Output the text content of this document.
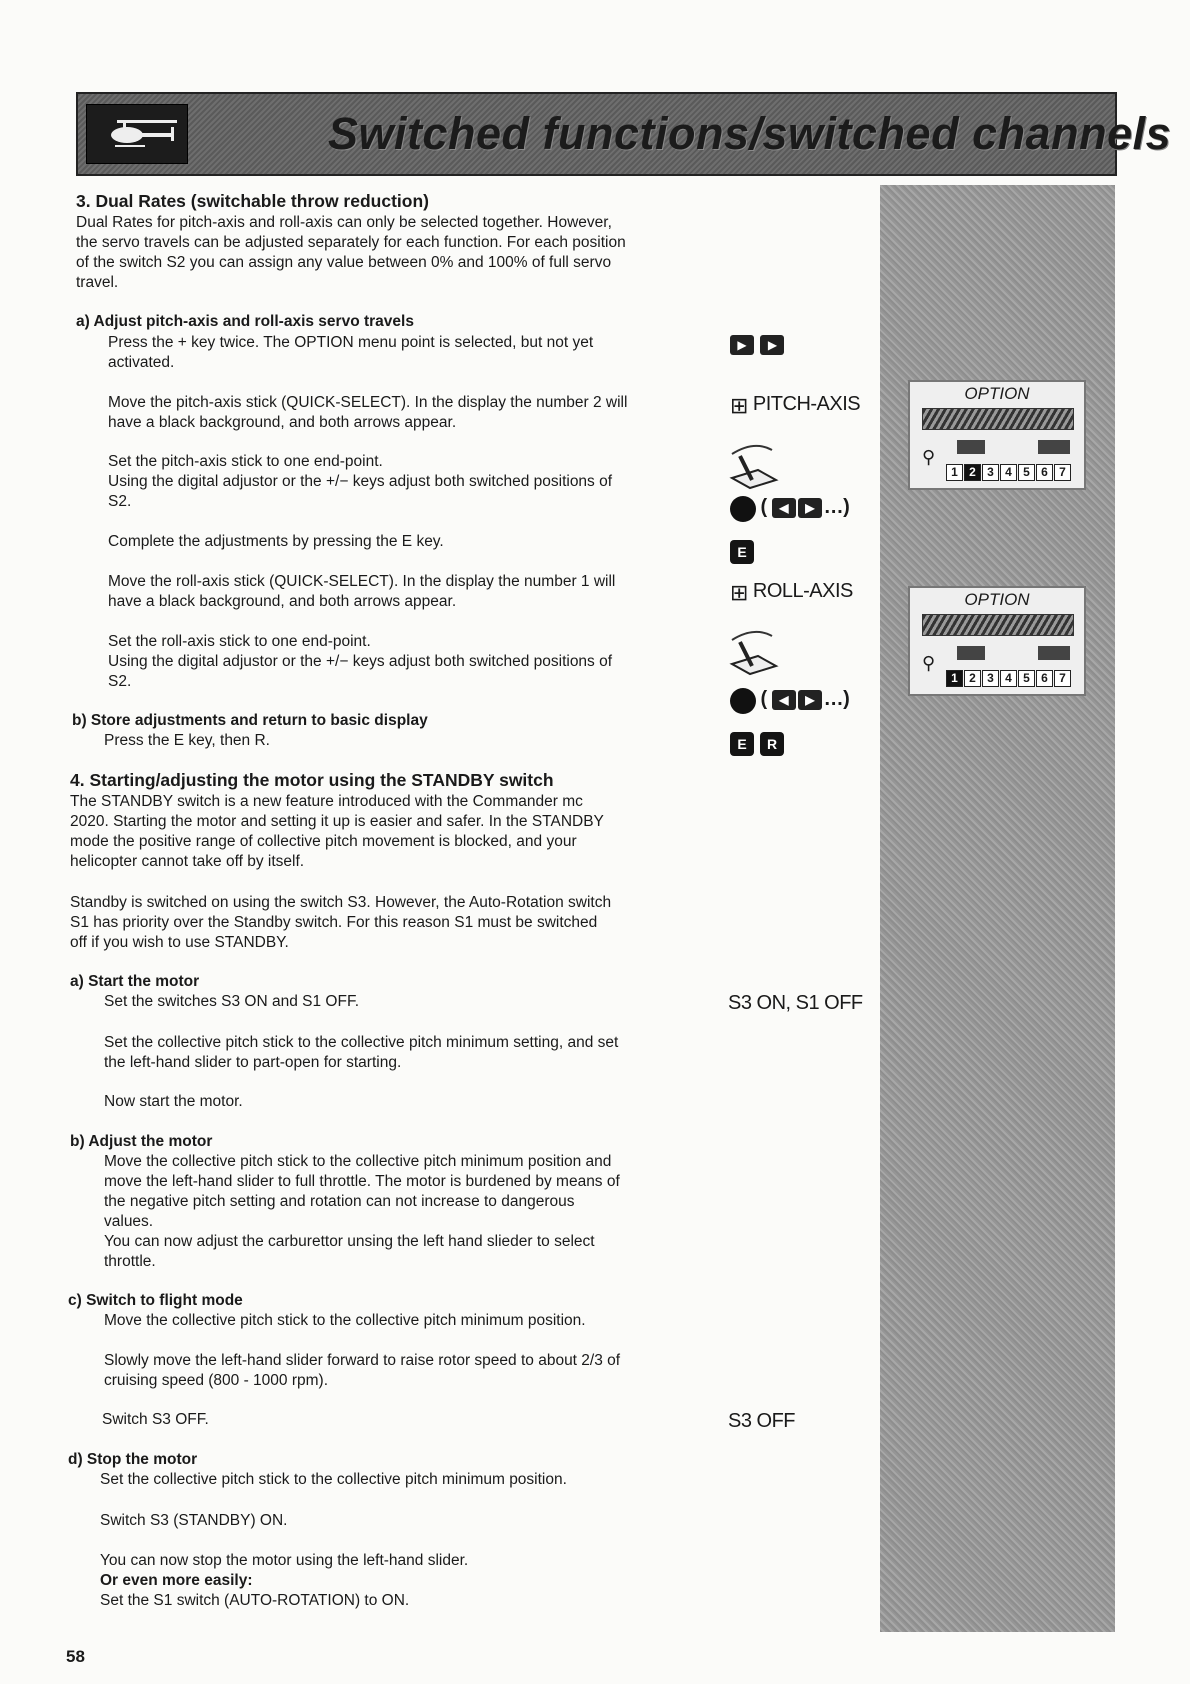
Switched functions/switched channels
OPTION
⚲
1 2 3 4 5 6 7
OPTION
⚲
1 2 3 4 5 6 7
3. Dual Rates (switchable throw reduction)
Dual Rates for pitch-axis and roll-axis can only be selected together. However,
the servo travels can be adjusted separately for each function. For each position
of the switch S2 you can assign any value between 0% and 100% of full servo
travel.
a) Adjust pitch-axis and roll-axis servo travels
Press the + key twice. The OPTION menu point is selected, but not yet
activated.
Move the pitch-axis stick (QUICK-SELECT). In the display the number 2 will
have a black background, and both arrows appear.
Set the pitch-axis stick to one end-point.
Using the digital adjustor or the +/− keys adjust both switched positions of
S2.
Complete the adjustments by pressing the E key.
Move the roll-axis stick (QUICK-SELECT). In the display the number 1 will
have a black background, and both arrows appear.
Set the roll-axis stick to one end-point.
Using the digital adjustor or the +/− keys adjust both switched positions of
S2.
b) Store adjustments and return to basic display
Press the E key, then R.
4. Starting/adjusting the motor using the STANDBY switch
The STANDBY switch is a new feature introduced with the Commander mc
2020. Starting the motor and setting it up is easier and safer. In the STANDBY
mode the positive range of collective pitch movement is blocked, and your
helicopter cannot take off by itself.
Standby is switched on using the switch S3. However, the Auto-Rotation switch
S1 has priority over the Standby switch. For this reason S1 must be switched
off if you wish to use STANDBY.
a) Start the motor
Set the switches S3 ON and S1 OFF.
Set the collective pitch stick to the collective pitch minimum setting, and set
the left-hand slider to part-open for starting.
Now start the motor.
b) Adjust the motor
Move the collective pitch stick to the collective pitch minimum position and
move the left-hand slider to full throttle. The motor is burdened by means of
the negative pitch setting and rotation can not increase to dangerous
values.
You can now adjust the carburettor unsing the left hand slieder to select
throttle.
c) Switch to flight mode
Move the collective pitch stick to the collective pitch minimum position.
Slowly move the left-hand slider forward to raise rotor speed to about 2/3 of
cruising speed (800 - 1000 rpm).
Switch S3 OFF.
d) Stop the motor
Set the collective pitch stick to the collective pitch minimum position.
Switch S3 (STANDBY) ON.
You can now stop the motor using the left-hand slider.
Or even more easily:
Set the S1 switch (AUTO-ROTATION) to ON.
▶ ▶
⊞ PITCH-AXIS
( ◀ ▶ …)
E
⊞ ROLL-AXIS
( ◀ ▶ …)
E R
S3 ON, S1 OFF
S3 OFF
58
